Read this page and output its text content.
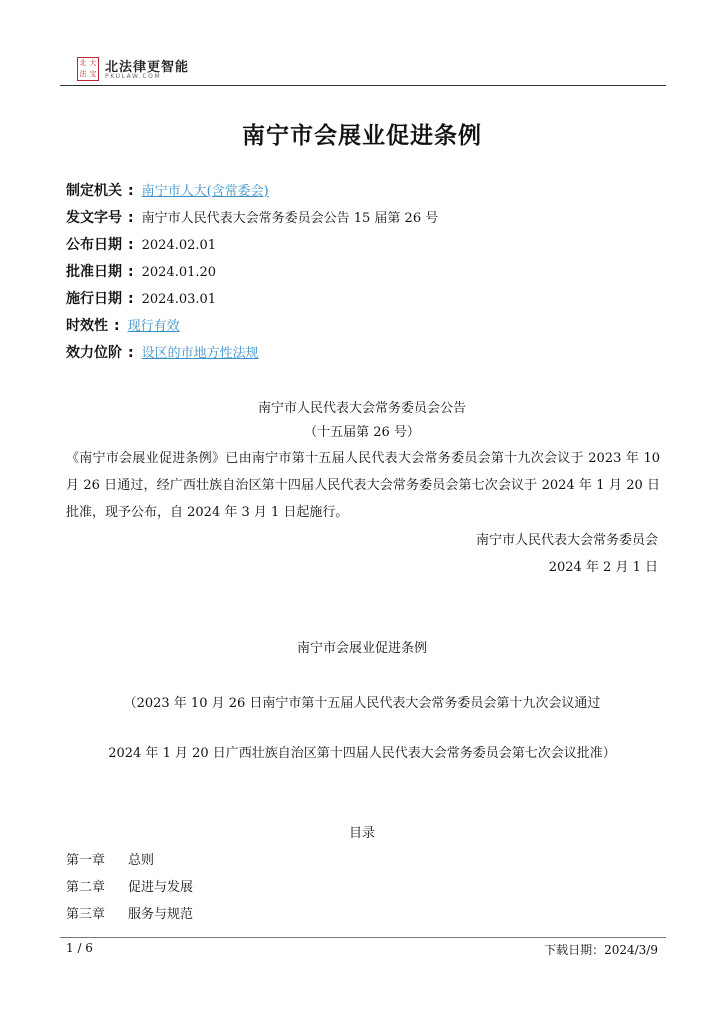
北 大
法 宝 北法律更智能
PKULAW.COM
南宁市会展业促进条例
制定机关 : 南宁市人大(含常委会)
发文字号 : 南宁市人民代表大会常务委员会公告 15 届第 26 号
公布日期 : 2024.02.01
批准日期 : 2024.01.20
施行日期 : 2024.03.01
时效性 : 现行有效
效力位阶 : 设区的市地方性法规
南宁市人民代表大会常务委员会公告
（十五届第 26 号）
《南宁市会展业促进条例》已由南宁市第十五届人民代表大会常务委员会第十九次会议于 2023 年 10 月 26 日通过，经广西壮族自治区第十四届人民代表大会常务委员会第七次会议于 2024 年 1 月 20 日批准，现予公布，自 2024 年 3 月 1 日起施行。
南宁市人民代表大会常务委员会
2024 年 2 月 1 日
南宁市会展业促进条例
（2023 年 10 月 26 日南宁市第十五届人民代表大会常务委员会第十九次会议通过
2024 年 1 月 20 日广西壮族自治区第十四届人民代表大会常务委员会第七次会议批准）
目录
第一章 总则
第二章 促进与发展
第三章 服务与规范
1 / 6	下载日期：2024/3/9
